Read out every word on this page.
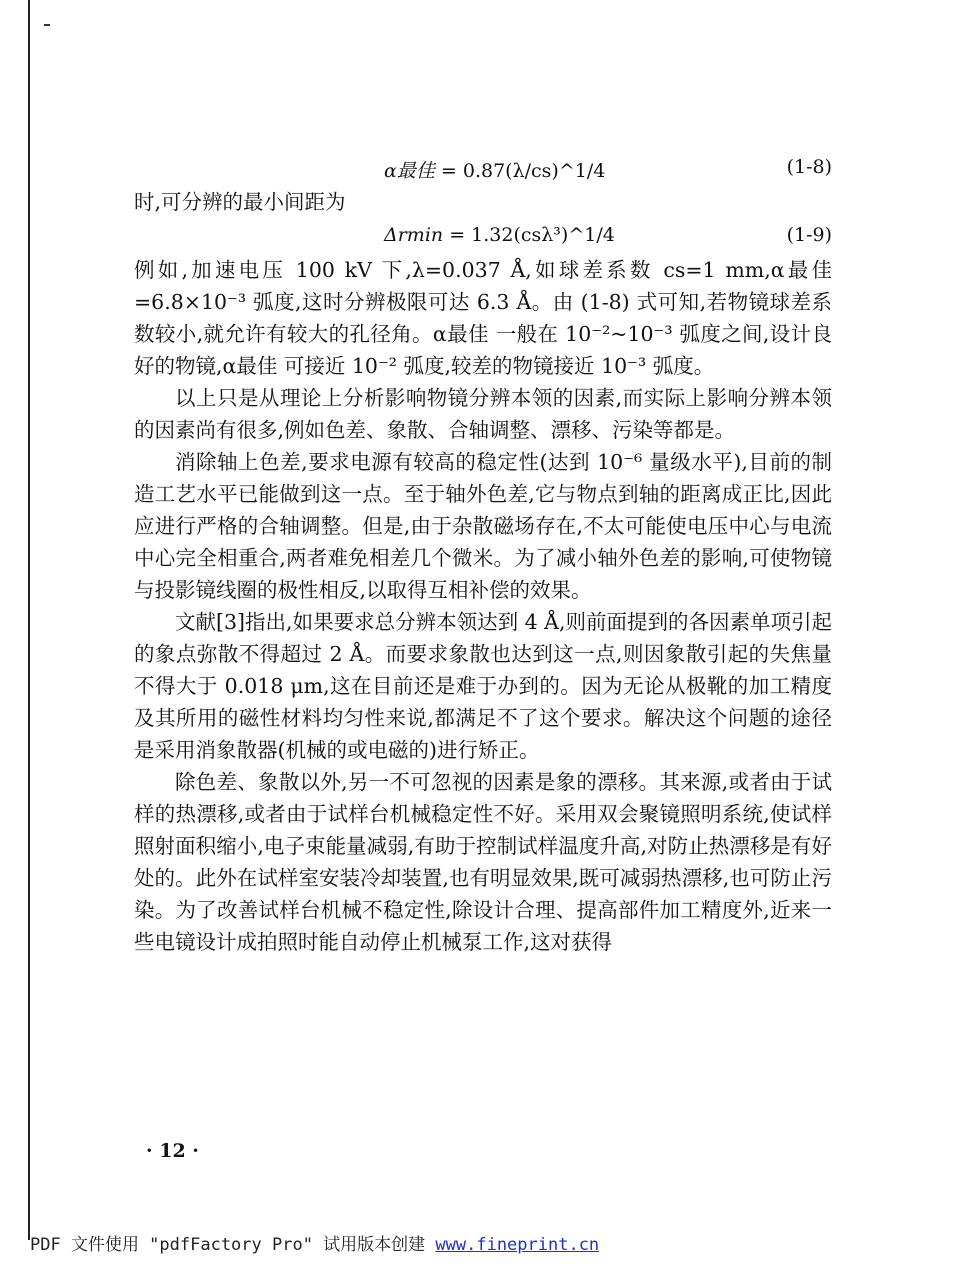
α最佳 = 0.87(λ/cs)^1/4	(1-8)
时,可分辨的最小间距为
Δrmin = 1.32(csλ³)^1/4	(1-9)
例如,加速电压 100 kV 下,λ=0.037 Å,如球差系数 cs=1 mm,α最佳=6.8×10⁻³ 弧度,这时分辨极限可达 6.3 Å。由 (1-8) 式可知,若物镜球差系数较小,就允许有较大的孔径角。α最佳 一般在 10⁻²~10⁻³ 弧度之间,设计良好的物镜,α最佳 可接近 10⁻² 弧度,较差的物镜接近 10⁻³ 弧度。
以上只是从理论上分析影响物镜分辨本领的因素,而实际上影响分辨本领的因素尚有很多,例如色差、象散、合轴调整、漂移、污染等都是。
消除轴上色差,要求电源有较高的稳定性(达到 10⁻⁶ 量级水平),目前的制造工艺水平已能做到这一点。至于轴外色差,它与物点到轴的距离成正比,因此应进行严格的合轴调整。但是,由于杂散磁场存在,不太可能使电压中心与电流中心完全相重合,两者难免相差几个微米。为了减小轴外色差的影响,可使物镜与投影镜线圈的极性相反,以取得互相补偿的效果。
文献[3]指出,如果要求总分辨本领达到 4 Å,则前面提到的各因素单项引起的象点弥散不得超过 2 Å。而要求象散也达到这一点,则因象散引起的失焦量不得大于 0.018 μm,这在目前还是难于办到的。因为无论从极靴的加工精度及其所用的磁性材料均匀性来说,都满足不了这个要求。解决这个问题的途径是采用消象散器(机械的或电磁的)进行矫正。
除色差、象散以外,另一不可忽视的因素是象的漂移。其来源,或者由于试样的热漂移,或者由于试样台机械稳定性不好。采用双会聚镜照明系统,使试样照射面积缩小,电子束能量减弱,有助于控制试样温度升高,对防止热漂移是有好处的。此外在试样室安装冷却装置,也有明显效果,既可减弱热漂移,也可防止污染。为了改善试样台机械不稳定性,除设计合理、提高部件加工精度外,近来一些电镜设计成拍照时能自动停止机械泵工作,这对获得
· 12 ·
PDF 文件使用 "pdfFactory Pro" 试用版本创建 www.fineprint.cn
